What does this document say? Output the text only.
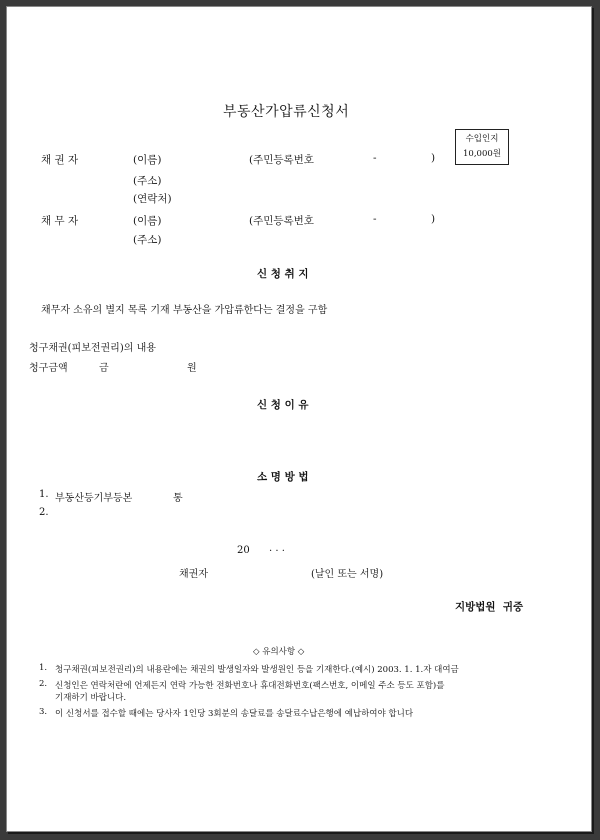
부동산가압류신청서
수입인지
10,000원
채 권 자	(이름)	(주민등록번호	-	)
(주소)
(연락처)
채 무 자	(이름)	(주민등록번호	-	)
(주소)
신 청 취 지
채무자 소유의 별지 목록 기재 부동산을 가압류한다는 결정을 구함
청구채권(피보전권리)의 내용
청구금액	금	원
신 청 이 유
소 명 방 법
1. 부동산등기부등본	통
2.
20 . . .
채권자	(날인 또는 서명)
지방법원  귀중
◇ 유의사항 ◇
1. 청구채권(피보전권리)의 내용란에는 채권의 발생일자와 발생원인 등을 기재한다.(예시) 2003. 1. 1.자 대여금
2. 신청인은 연락처란에 언제든지 연락 가능한 전화번호나 휴대전화번호(팩스번호, 이메일 주소 등도 포함)를
기재하기 바랍니다.
3. 이 신청서를 접수할 때에는 당사자 1인당 3회분의 송달료를 송달료수납은행에 예납하여야 합니다
